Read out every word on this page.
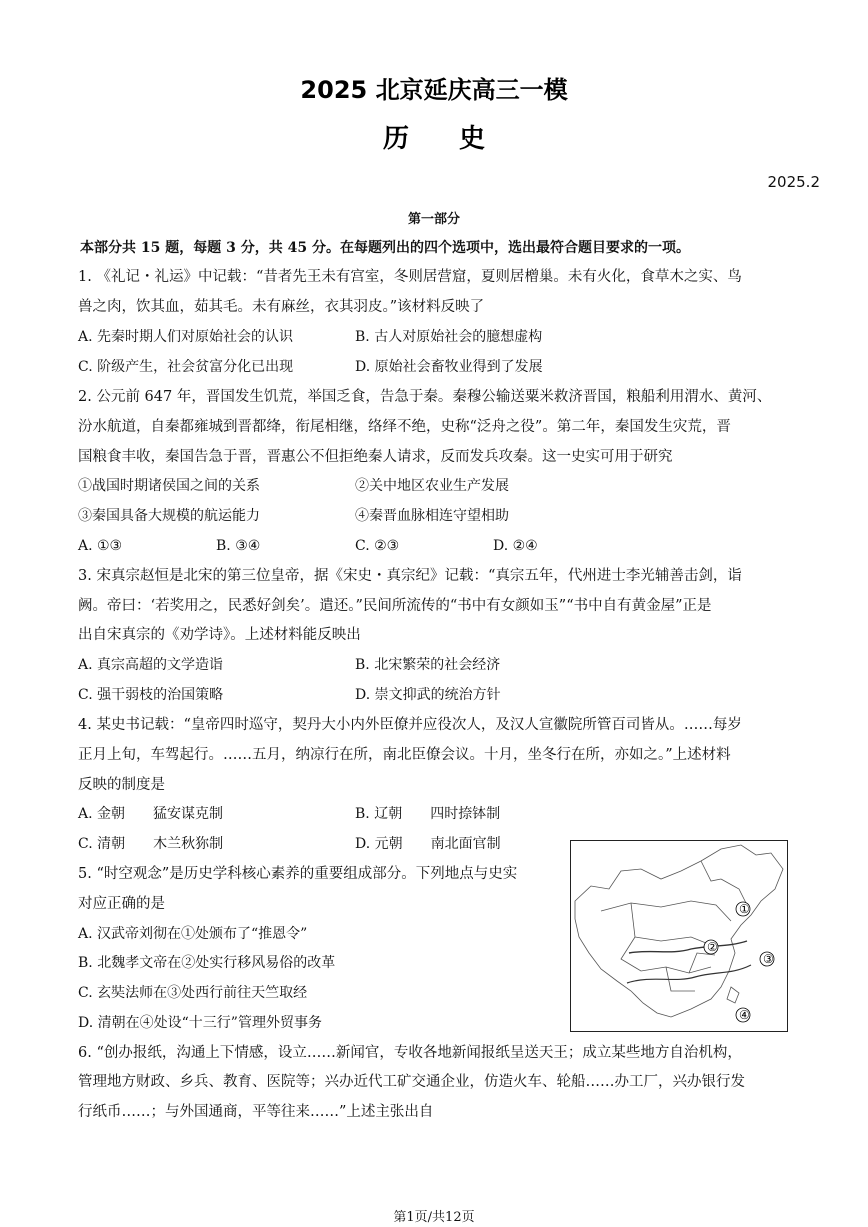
2025 北京延庆高三一模
历史
2025.2
第一部分
本部分共 15 题，每题 3 分，共 45 分。在每题列出的四个选项中，选出最符合题目要求的一项。
1. 《礼记・礼运》中记载：“昔者先王未有宫室，冬则居营窟，夏则居橧巢。未有火化，食草木之实、鸟
兽之肉，饮其血，茹其毛。未有麻丝，衣其羽皮。”该材料反映了
A. 先秦时期人们对原始社会的认识	B. 古人对原始社会的臆想虚构
C. 阶级产生，社会贫富分化已出现	D. 原始社会畜牧业得到了发展
2. 公元前 647 年，晋国发生饥荒，举国乏食，告急于秦。秦穆公输送粟米救济晋国，粮船利用渭水、黄河、
汾水航道，自秦都雍城到晋都绛，衔尾相继，络绎不绝，史称“泛舟之役”。第二年，秦国发生灾荒，晋
国粮食丰收，秦国告急于晋，晋惠公不但拒绝秦人请求，反而发兵攻秦。这一史实可用于研究
①战国时期诸侯国之间的关系	②关中地区农业生产发展
③秦国具备大规模的航运能力	④秦晋血脉相连守望相助
A. ①③	B. ③④	C. ②③	D. ②④
3. 宋真宗赵恒是北宋的第三位皇帝，据《宋史・真宗纪》记载：“真宗五年，代州进士李光辅善击剑，诣
阙。帝曰：‘若奖用之，民悉好剑矣’。遣还。”民间所流传的“书中有女颜如玉”“书中自有黄金屋”正是
出自宋真宗的《劝学诗》。上述材料能反映出
A. 真宗高超的文学造诣	B. 北宋繁荣的社会经济
C. 强干弱枝的治国策略	D. 崇文抑武的统治方针
4. 某史书记载：“皇帝四时巡守，契丹大小内外臣僚并应役次人，及汉人宣徽院所管百司皆从。……每岁
正月上旬，车驾起行。……五月，纳凉行在所，南北臣僚会议。十月，坐冬行在所，亦如之。”上述材料
反映的制度是
A. 金朝　　猛安谋克制	B. 辽朝　　四时捺钵制
C. 清朝　　木兰秋狝制	D. 元朝　　南北面官制
5. “时空观念”是历史学科核心素养的重要组成部分。下列地点与史实
对应正确的是
A. 汉武帝刘彻在①处颁布了“推恩令”
B. 北魏孝文帝在②处实行移风易俗的改革
C. 玄奘法师在③处西行前往天竺取经
D. 清朝在④处设“十三行”管理外贸事务
①
②
③
④
6. “创办报纸，沟通上下情感，设立……新闻官，专收各地新闻报纸呈送天王；成立某些地方自治机构，
管理地方财政、乡兵、教育、医院等；兴办近代工矿交通企业，仿造火车、轮船……办工厂，兴办银行发
行纸币……；与外国通商，平等往来……”上述主张出自
第1页/共12页
